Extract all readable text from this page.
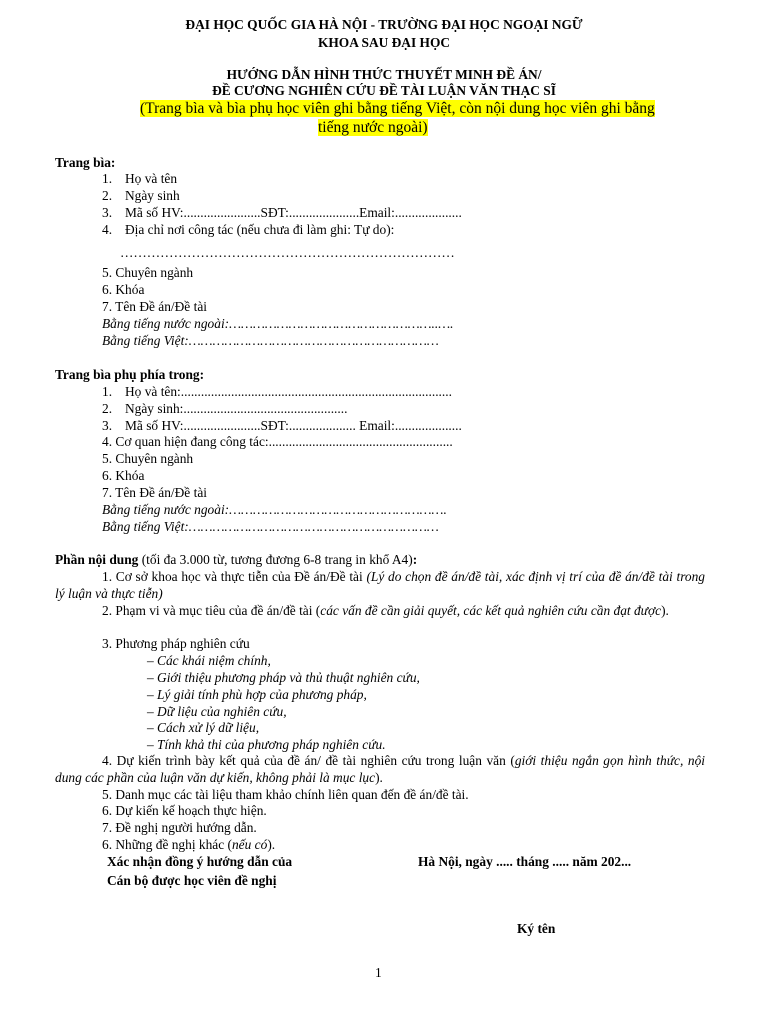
ĐẠI HỌC QUỐC GIA HÀ NỘI - TRƯỜNG ĐẠI HỌC NGOẠI NGỮ
KHOA SAU ĐẠI HỌC
HƯỚNG DẪN HÌNH THỨC THUYẾT MINH ĐỀ ÁN/
ĐỀ CƯƠNG NGHIÊN CỨU ĐỀ TÀI LUẬN VĂN THẠC SĨ
(Trang bìa và bìa phụ học viên ghi bằng tiếng Việt, còn nội dung học viên ghi bằng
tiếng nước ngoài)
Trang bìa:
1. Họ và tên
2. Ngày sinh
3. Mã số HV:.......................SĐT:.....................Email:....................
4. Địa chỉ nơi công tác (nếu chưa đi làm ghi: Tự do):
…………………………………………………………………
5. Chuyên ngành
6. Khóa
7. Tên Đề án/Đề tài
Bằng tiếng nước ngoài:……………………………………………..….
Bằng tiếng Việt:………………………………………………………
Trang bìa phụ phía trong:
1. Họ và tên:.................................................................................
2. Ngày sinh:.................................................
3. Mã số HV:.......................SĐT:.................... Email:....................
4. Cơ quan hiện đang công tác:.......................................................
5. Chuyên ngành
6. Khóa
7. Tên Đề án/Đề tài
Bằng tiếng nước ngoài:……………………………………………….
Bằng tiếng Việt:………………………………………………………
Phần nội dung (tối đa 3.000 từ, tương đương 6-8 trang in khổ A4):
1. Cơ sở khoa học và thực tiễn của Đề án/Đề tài (Lý do chọn đề án/đề tài, xác định vị trí của đề án/đề tài trong lý luận và thực tiễn)
2. Phạm vi và mục tiêu của đề án/đề tài (các vấn đề cần giải quyết, các kết quả nghiên cứu cần đạt được).
3. Phương pháp nghiên cứu
– Các khái niệm chính,
– Giới thiệu phương pháp và thủ thuật nghiên cứu,
– Lý giải tính phù hợp của phương pháp,
– Dữ liệu của nghiên cứu,
– Cách xử lý dữ liệu,
– Tính khả thi của phương pháp nghiên cứu.
4. Dự kiến trình bày kết quả của đề án/ đề tài nghiên cứu trong luận văn (giới thiệu ngắn gọn hình thức, nội dung các phần của luận văn dự kiến, không phải là mục lục).
5. Danh mục các tài liệu tham khảo chính liên quan đến đề án/đề tài.
6. Dự kiến kế hoạch thực hiện.
7. Đề nghị người hướng dẫn.
6. Những đề nghị khác (nếu có).
Xác nhận đồng ý hướng dẫn của
Cán bộ được học viên đề nghị
Hà Nội, ngày ..... tháng ..... năm 202...
Ký tên
1
